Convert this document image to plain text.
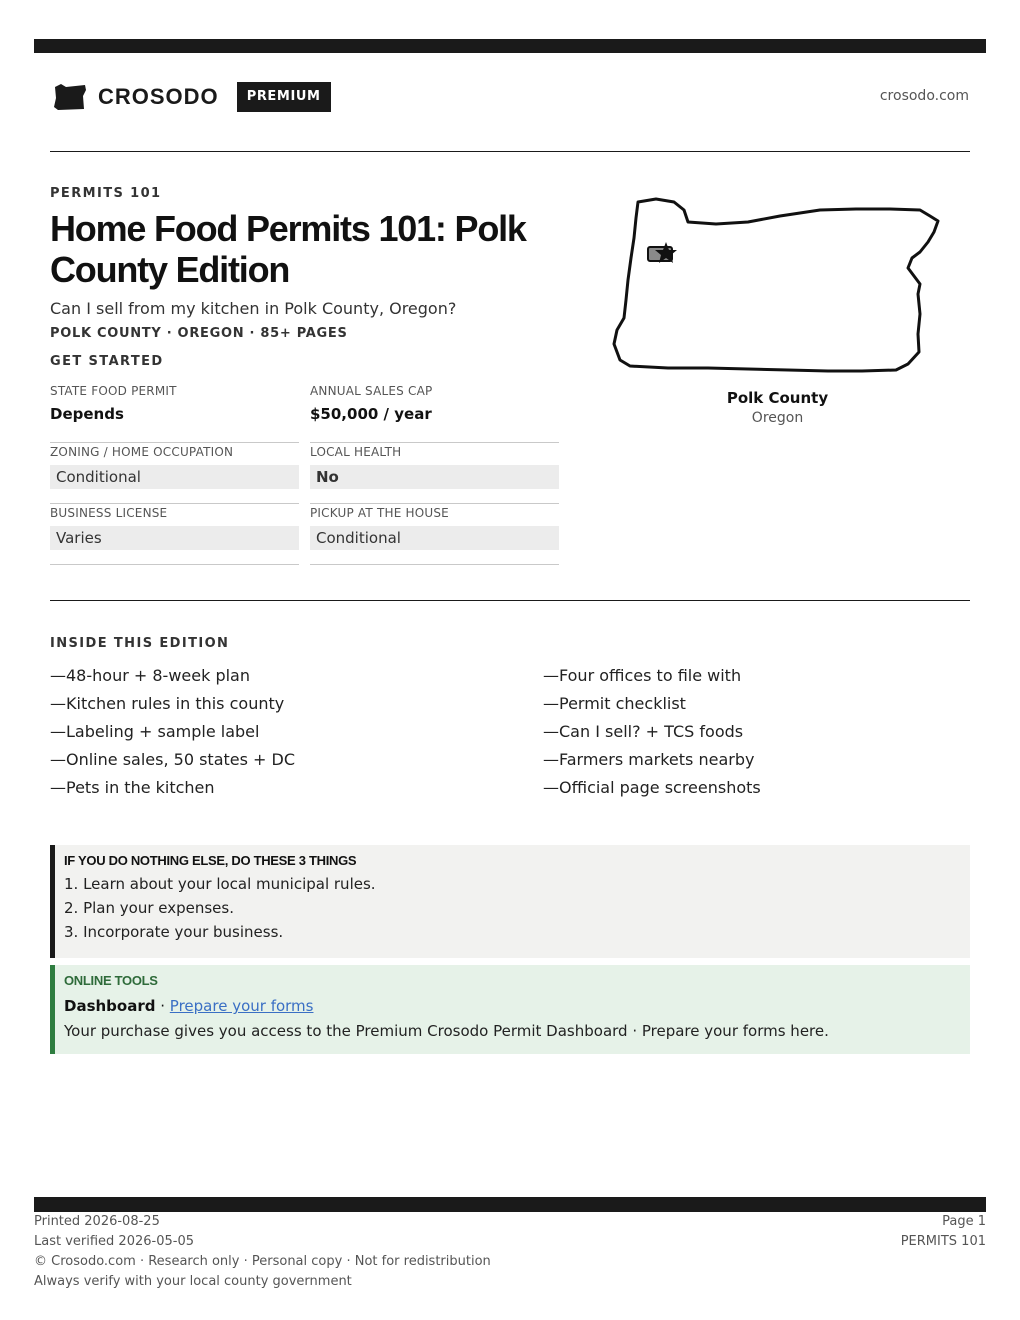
CROSODO	PREMIUM	crosodo.com
PERMITS 101
Home Food Permits 101: Polk County Edition
Can I sell from my kitchen in Polk County, Oregon?
POLK COUNTY · OREGON · 85+ PAGES
GET STARTED
STATE FOOD PERMIT
Depends
ANNUAL SALES CAP
$50,000 / year
ZONING / HOME OCCUPATION
Conditional
LOCAL HEALTH
No
BUSINESS LICENSE
Varies
PICKUP AT THE HOUSE
Conditional
Polk County
Oregon
INSIDE THIS EDITION
—48-hour + 8-week plan
—Kitchen rules in this county
—Labeling + sample label
—Online sales, 50 states + DC
—Pets in the kitchen
—Four offices to file with
—Permit checklist
—Can I sell? + TCS foods
—Farmers markets nearby
—Official page screenshots
IF YOU DO NOTHING ELSE, DO THESE 3 THINGS
1. Learn about your local municipal rules.
2. Plan your expenses.
3. Incorporate your business.
ONLINE TOOLS
Dashboard · Prepare your forms
Your purchase gives you access to the Premium Crosodo Permit Dashboard · Prepare your forms here.
Printed 2026-08-25
Last verified 2026-05-05
© Crosodo.com · Research only · Personal copy · Not for redistribution
Always verify with your local county government
Page 1
PERMITS 101
